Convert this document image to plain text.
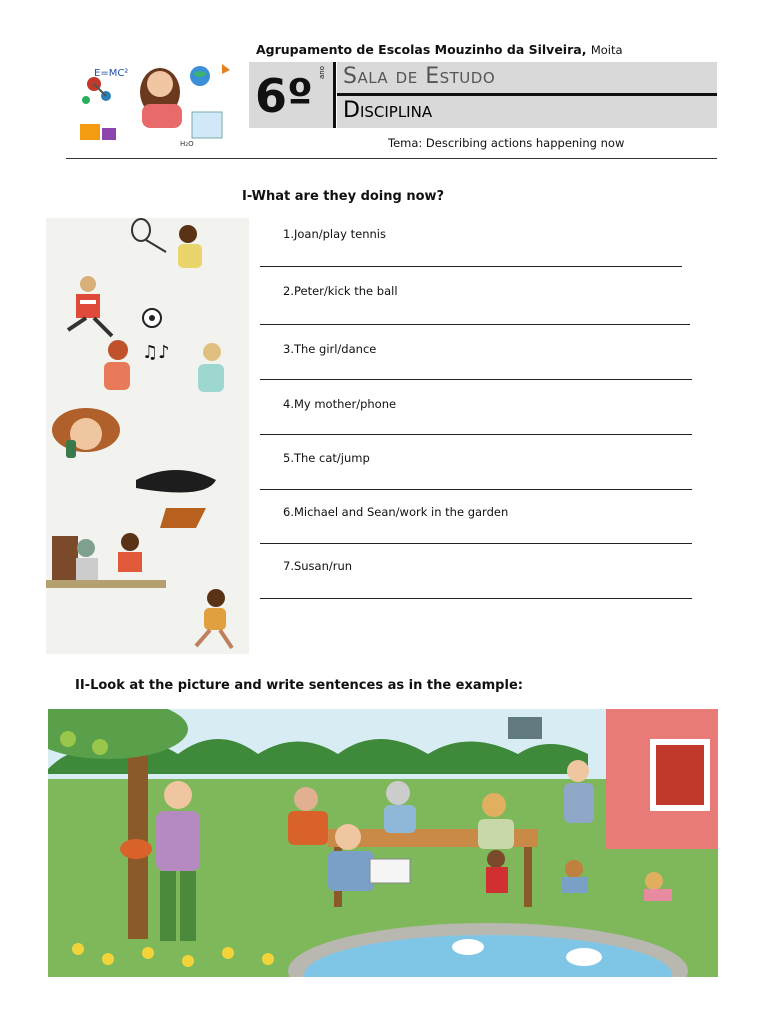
Agrupamento de Escolas Mouzinho da Silveira, Moita
E=MC²
H₂O
6º ano Sala de Estudo
Disciplina
Tema: Describing actions happening now
I-What are they doing now?
♫♪
1.Joan/play tennis
2.Peter/kick the ball
3.The girl/dance
4.My mother/phone
5.The cat/jump
6.Michael and Sean/work in the garden
7.Susan/run
II-Look at the picture and write sentences as in the example:
